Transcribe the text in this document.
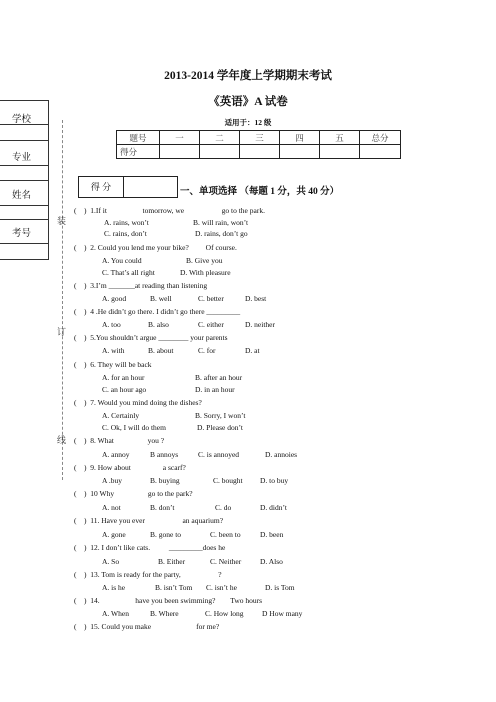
学校
专业
姓名
考号
装
订
线
2013-2014 学年度上学期期末考试
《英语》A 试卷
适用于：12 级
题号	一	二	三	四	五	总分
得分						
得 分	一、单项选择 （每题 1 分，共 40 分）
(    ) 1.If it                   tomorrow, we                    go to the park.
A. rains, won’t	B. will rain, won’t
C. rains, don’t	D. rains, don’t go
(    ) 2. Could you lend me your bike?         Of course.
A. You could	B. Give you
C. That’s all right	D. With pleasure
(    ) 3.I’m _______at reading than listening
A. good	B. well	C. better	D. best
(    ) 4 .He didn’t go there. I didn’t go there _________
A. too	B. also	C. either	D. neither
(    ) 5.You shouldn’t argue ________ your parents
A. with	B. about	C. for	D. at
(    ) 6. They will be back
A. for an hour	B. after an hour
C. an hour ago	D. in an hour
(    ) 7. Would you mind doing the dishes?
A. Certainly	B. Sorry, I won’t
C. Ok, I will do them	D. Please don’t
(    ) 8. What                  you ?
A. annoy	B annoys	C. is annoyed	D. annoies
(    ) 9. How about                 a scarf?
A .buy	B. buying	C. bought D. to buy
(    ) 10 Why                  go to the park?
A. not	B. don’t	C. do	D. didn’t
(    ) 11. Have you ever                    an aquarium?
A. gone	B. gone to	C. been to	D. been
(    ) 12. I don’t like cats.          _________does he
A. So	B. Either	C. Neither	D. Also
(    ) 13. Tom is ready for the party,                    ?
A. is he	B. isn’t Tom C. isn’t he	D. is Tom
(    ) 14.                   have you been swimming?        Two hours
A. When	B. Where	C. How long D How many
(    ) 15. Could you make                        for me?
